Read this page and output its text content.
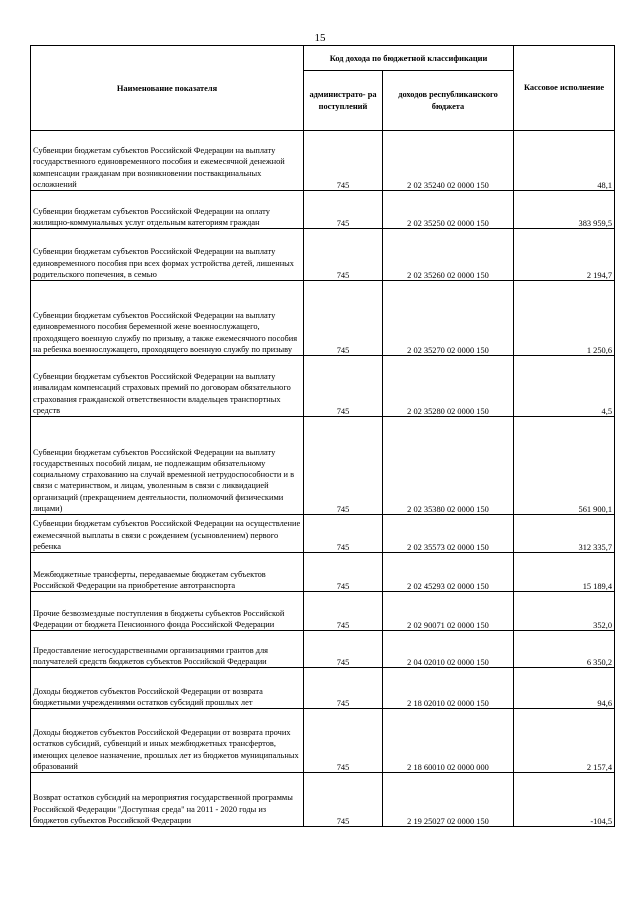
15
Наименование показателя	Код дохода по бюджетной классификации		Кассовое исполнение
	администрато- ра поступлений	доходов республиканского бюджета	
Субвенции бюджетам субъектов Российской Федерации на выплату государственного единовременного пособия и ежемесячной денежной компенсации гражданам при возникновении поствакцинальных осложнений	745	2 02 35240 02 0000 150	48,1
Субвенции бюджетам субъектов Российской Федерации на оплату жилищно-коммунальных услуг отдельным категориям граждан	745	2 02 35250 02 0000 150	383 959,5
Субвенции бюджетам субъектов Российской Федерации на выплату единовременного пособия при всех формах устройства детей, лишенных родительского попечения, в семью	745	2 02 35260 02 0000 150	2 194,7
Субвенции бюджетам субъектов Российской Федерации на выплату единовременного пособия беременной жене военнослужащего, проходящего военную службу по призыву, а также ежемесячного пособия на ребенка военнослужащего, проходящего военную службу по призыву	745	2 02 35270 02 0000 150	1 250,6
Субвенции бюджетам субъектов Российской Федерации на выплату инвалидам компенсаций страховых премий по договорам обязательного страхования гражданской ответственности владельцев транспортных средств	745	2 02 35280 02 0000 150	4,5
Субвенции бюджетам субъектов Российской Федерации на выплату государственных пособий лицам, не подлежащим обязательному социальному страхованию на случай временной нетрудоспособности и в связи с материнством, и лицам, уволенным в связи с ликвидацией организаций (прекращением деятельности, полномочий физическими лицами)	745	2 02 35380 02 0000 150	561 900,1
Субвенции бюджетам субъектов Российской Федерации на осуществление ежемесячной выплаты в связи с рождением (усыновлением) первого ребенка	745	2 02 35573 02 0000 150	312 335,7
Межбюджетные трансферты, передаваемые бюджетам субъектов Российской Федерации на приобретение автотранспорта	745	2 02 45293 02 0000 150	15 189,4
Прочие безвозмездные поступления в бюджеты субъектов Российской Федерации от бюджета Пенсионного фонда Российской Федерации	745	2 02 90071 02 0000 150	352,0
Предоставление негосударственными организациями грантов для получателей средств бюджетов субъектов Российской Федерации	745	2 04 02010 02 0000 150	6 350,2
Доходы бюджетов субъектов Российской Федерации от возврата бюджетными учреждениями остатков субсидий прошлых лет	745	2 18 02010 02 0000 150	94,6
Доходы бюджетов субъектов Российской Федерации от возврата прочих остатков субсидий, субвенций и иных межбюджетных трансфертов, имеющих целевое назначение, прошлых лет из бюджетов муниципальных образований	745	2 18 60010 02 0000 000	2 157,4
Возврат остатков субсидий на мероприятия государственной программы Российской Федерации "Доступная среда" на 2011 - 2020 годы из бюджетов субъектов Российской Федерации	745	2 19 25027 02 0000 150	-104,5
